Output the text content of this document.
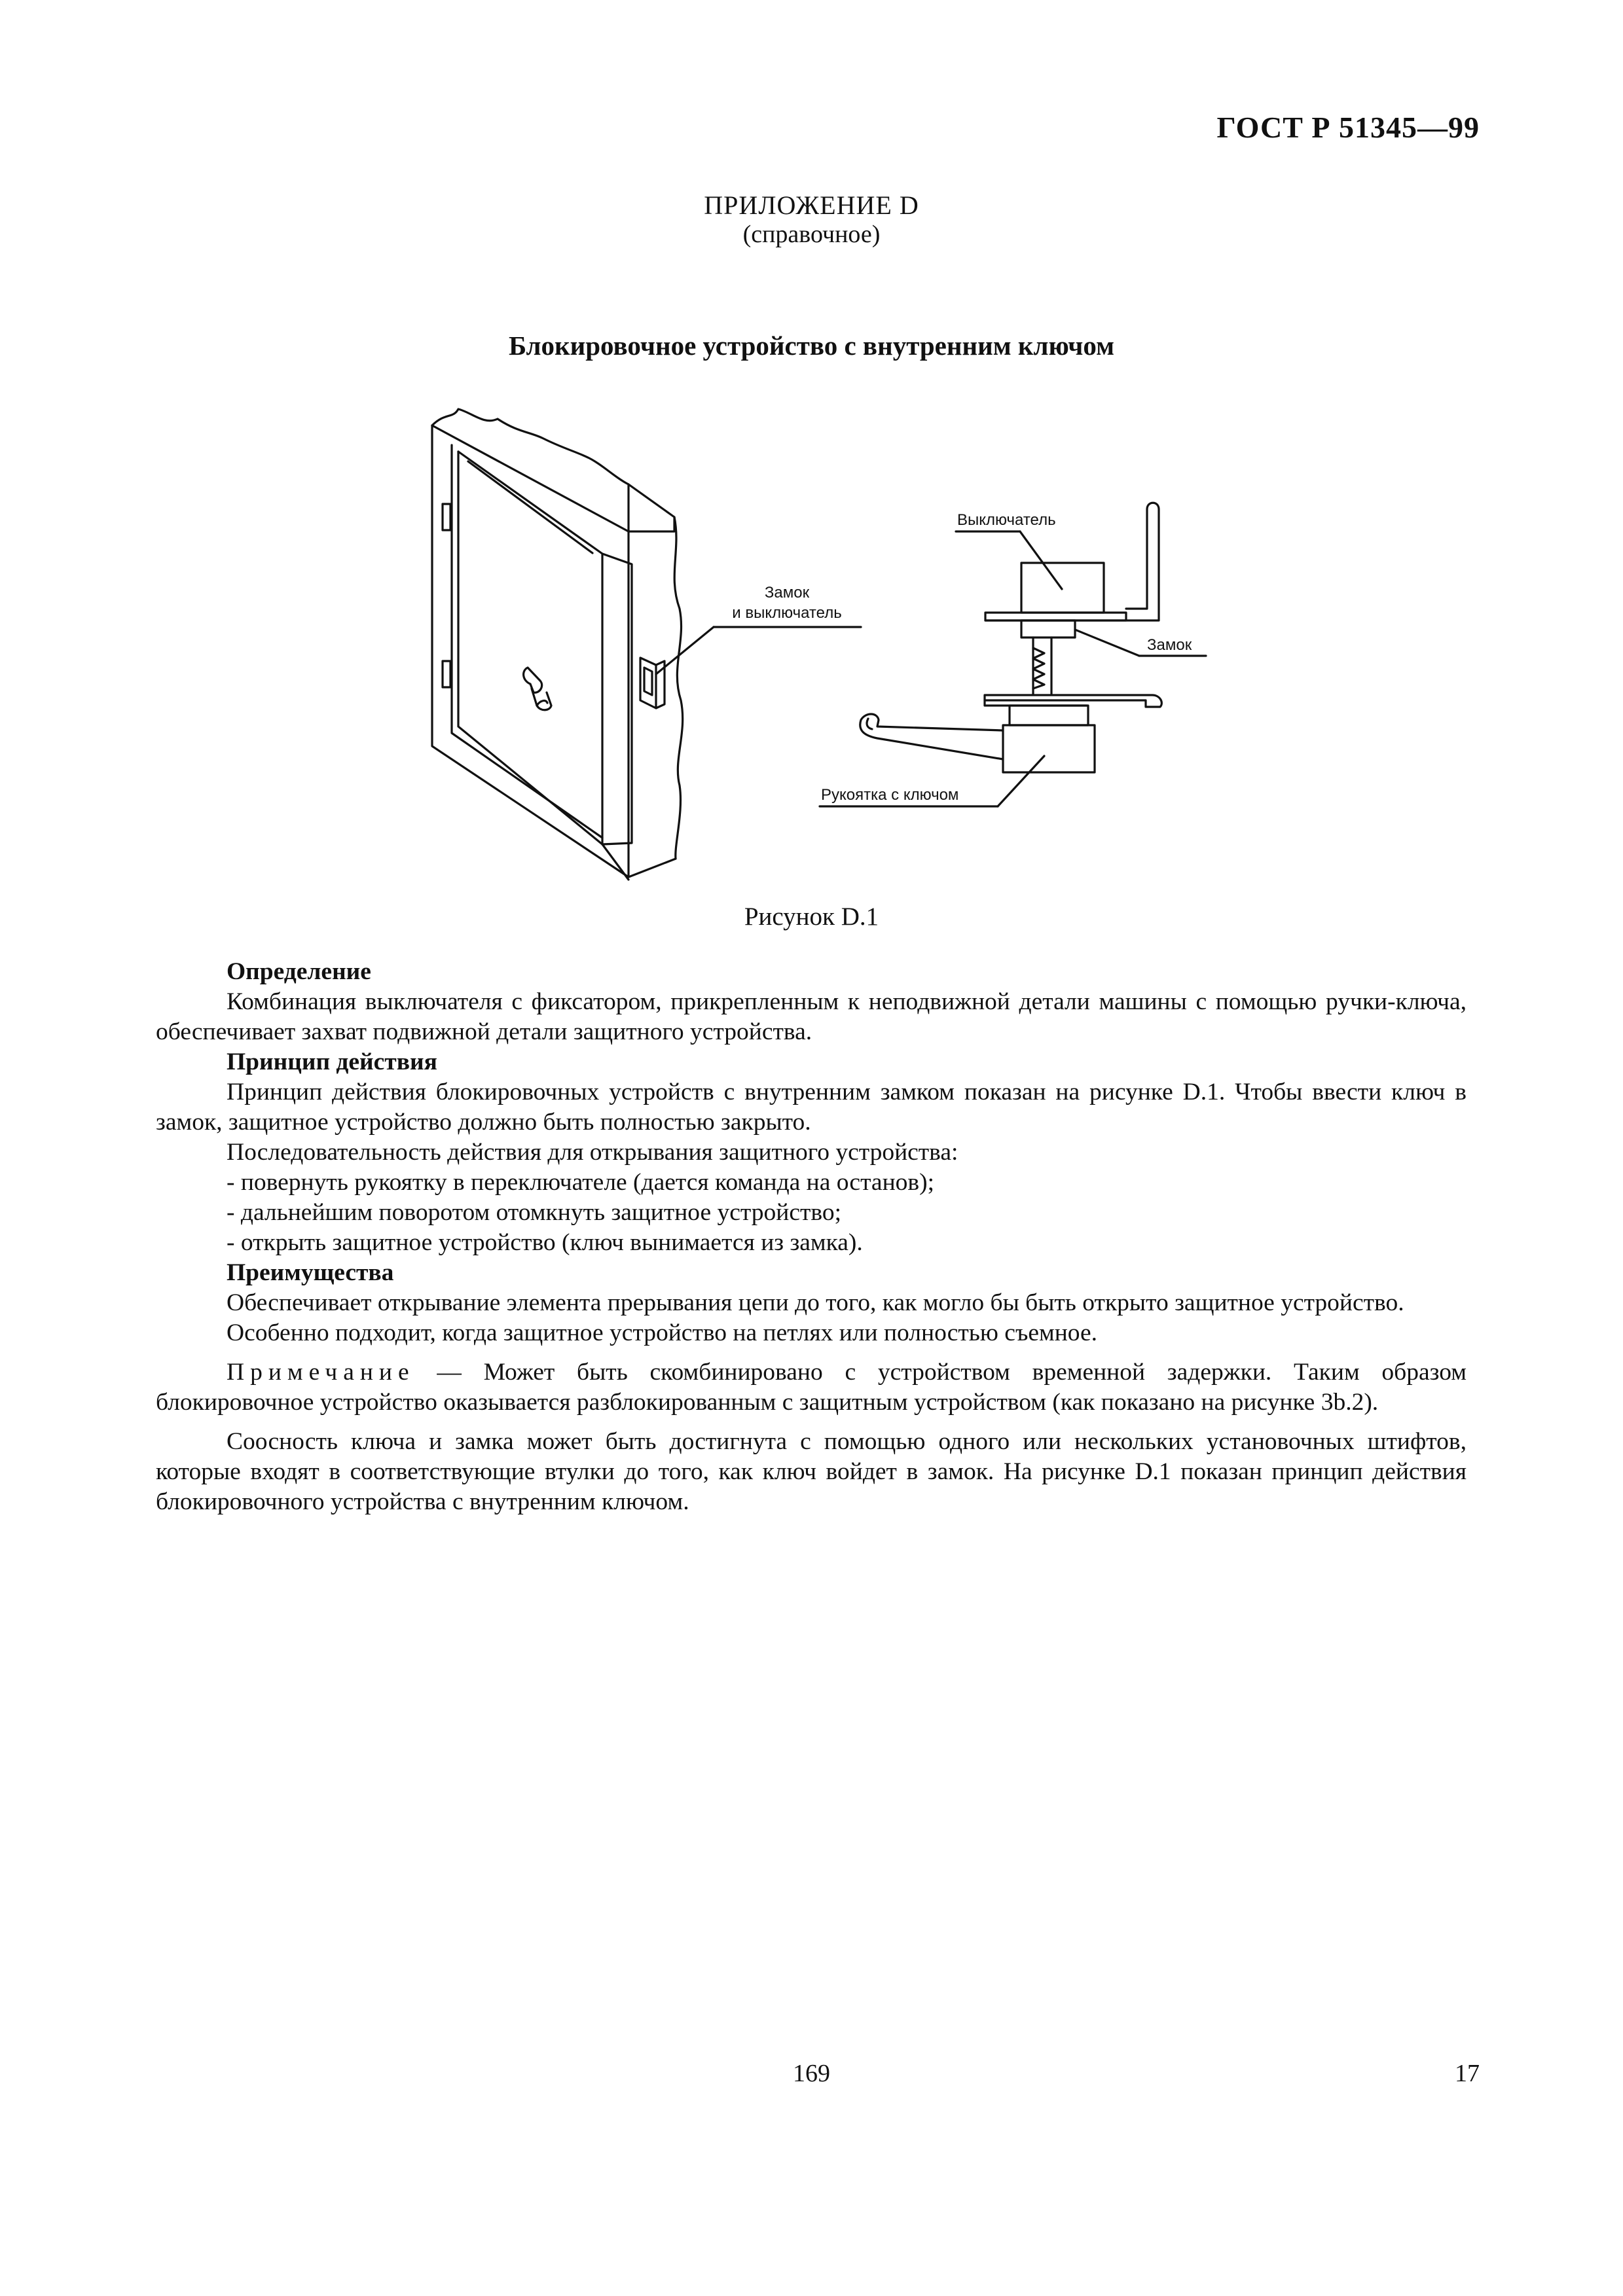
ГОСТ Р 51345—99
ПРИЛОЖЕНИЕ D
(справочное)
Блокировочное устройство с внутренним ключом
Замок
и выключатель
Выключатель
Замок
Рукоятка с ключом
Рисунок D.1

Определение

Комбинация выключателя с фиксатором, прикрепленным к неподвижной детали машины с помощью ручки-ключа, обеспечивает захват подвижной детали защитного устройства.

Принцип действия

Принцип действия блокировочных устройств с внутренним замком показан на рисунке D.1. Чтобы ввести ключ в замок, защитное устройство должно быть полностью закрыто.

Последовательность действия для открывания защитного устройства:

- повернуть рукоятку в переключателе (дается команда на останов);

- дальнейшим поворотом отомкнуть защитное устройство;

- открыть защитное устройство (ключ вынимается из замка).

Преимущества

Обеспечивает открывание элемента прерывания цепи до того, как могло бы быть открыто защитное устройство.

Особенно подходит, когда защитное устройство на петлях или полностью съемное.

Примечание — Может быть скомбинировано с устройством временной задержки. Таким образом блокировочное устройство оказывается разблокированным с защитным устройством (как показано на рисунке 3b.2).

Соосность ключа и замка может быть достигнута с помощью одного или нескольких установочных штифтов, которые входят в соответствующие втулки до того, как ключ войдет в замок. На рисунке D.1 показан принцип действия блокировочного устройства с внутренним ключом.

169	17
